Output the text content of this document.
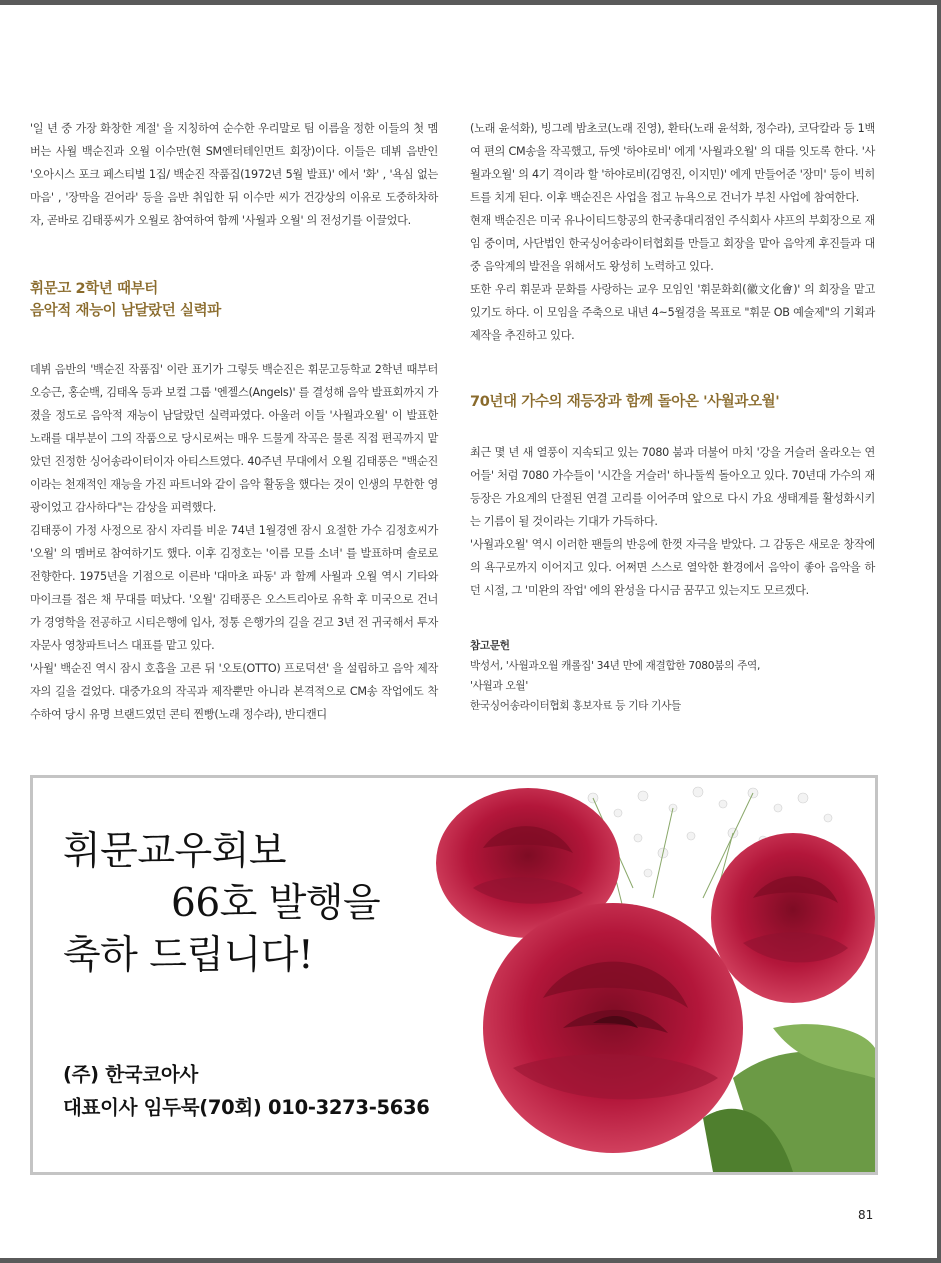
'일 년 중 가장 화창한 계절' 을 지칭하여 순수한 우리말로 팀 이름을 정한 이들의 첫 멤버는 사월 백순진과 오월 이수만(현 SM엔터테인먼트 회장)이다. 이들은 데뷔 음반인 '오아시스 포크 페스티벌 1집/ 백순진 작품집(1972년 5월 발표)' 에서 '화' , '욕심 없는 마음' , '장막을 걷어라' 등을 음반 취입한 뒤 이수만 씨가 건강상의 이유로 도중하차하자, 곧바로 김태풍씨가 오월로 참여하여 함께 '사월과 오월' 의 전성기를 이끌었다.

휘문고 2학년 때부터
음악적 재능이 남달랐던 실력파

데뷔 음반의 '백순진 작품집' 이란 표기가 그렇듯 백순진은 휘문고등학교 2학년 때부터 오승근, 홍순백, 김태옥 등과 보컬 그룹 '엔젤스(Angels)' 를 결성해 음악 발표회까지 가졌을 정도로 음악적 재능이 남달랐던 실력파였다. 아울러 이들 '사월과오월' 이 발표한 노래를 대부분이 그의 작품으로 당시로써는 매우 드물게 작곡은 물론 직접 편곡까지 맡았던 진정한 싱어송라이터이자 아티스트였다. 40주년 무대에서 오월 김태풍은 "백순진이라는 천재적인 재능을 가진 파트너와 같이 음악 활동을 했다는 것이 인생의 무한한 영광이었고 감사하다"는 감상을 피력했다.

김태풍이 가정 사정으로 잠시 자리를 비운 74년 1월경엔 잠시 요절한 가수 김정호씨가 '오월' 의 멤버로 참여하기도 했다. 이후 김정호는 '이름 모를 소녀' 를 발표하며 솔로로 전향한다. 1975년을 기점으로 이른바 '대마초 파동' 과 함께 사월과 오월 역시 기타와 마이크를 접은 채 무대를 떠났다. '오월' 김태풍은 오스트리아로 유학 후 미국으로 건너가 경영학을 전공하고 시티은행에 입사, 정통 은행가의 길을 걷고 3년 전 귀국해서 투자자문사 영창파트너스 대표를 맡고 있다.

'사월' 백순진 역시 잠시 호흡을 고른 뒤 '오토(OTTO) 프로덕션' 을 설립하고 음악 제작자의 길을 걸었다. 대중가요의 작곡과 제작뿐만 아니라 본격적으로 CM송 작업에도 착수하여 당시 유명 브랜드였던 콘티 찐빵(노래 정수라), 반디캔디

(노래 윤석화), 빙그레 밤초코(노래 진영), 환타(노래 윤석화, 정수라), 코닥칼라 등 1백여 편의 CM송을 작곡했고, 듀엣 '하야로비' 에게 '사월과오월' 의 대를 잇도록 한다. '사월과오월' 의 4기 격이라 할 '하야로비(김영진, 이지민)' 에게 만들어준 '장미' 등이 빅히트를 치게 된다. 이후 백순진은 사업을 접고 뉴욕으로 건너가 부친 사업에 참여한다.

현재 백순진은 미국 유나이티드항공의 한국총대리점인 주식회사 샤프의 부회장으로 재임 중이며, 사단법인 한국싱어송라이터협회를 만들고 회장을 맡아 음악계 후진들과 대중 음악계의 발전을 위해서도 왕성히 노력하고 있다.

또한 우리 휘문과 문화를 사랑하는 교우 모임인 '휘문화회(徽文化會)' 의 회장을 맡고 있기도 하다. 이 모임을 주축으로 내년 4~5월경을 목표로 "휘문 OB 예술제"의 기획과 제작을 추진하고 있다.

70년대 가수의 재등장과 함께 돌아온 '사월과오월'

최근 몇 년 새 열풍이 지속되고 있는 7080 붐과 더불어 마치 '강을 거슬러 올라오는 연어들' 처럼 7080 가수들이 '시간을 거슬러' 하나둘씩 돌아오고 있다. 70년대 가수의 재등장은 가요계의 단절된 연결 고리를 이어주며 앞으로 다시 가요 생태계를 활성화시키는 기름이 될 것이라는 기대가 가득하다.

'사월과오월' 역시 이러한 팬들의 반응에 한껏 자극을 받았다. 그 감동은 새로운 창작에의 욕구로까지 이어지고 있다. 어쩌면 스스로 열악한 환경에서 음악이 좋아 음악을 하던 시절, 그 '미완의 작업' 에의 완성을 다시금 꿈꾸고 있는지도 모르겠다.

참고문헌
박성서, '사월과오월 캐롤집' 34년 만에 재결합한 7080붐의 주역,
'사월과 오월'
한국싱어송라이터협회 홍보자료 등 기타 기사들
휘문교우회보
66호 발행을
축하 드립니다!
(주) 한국코아사
대표이사 임두묵(70회) 010-3273-5636
81
